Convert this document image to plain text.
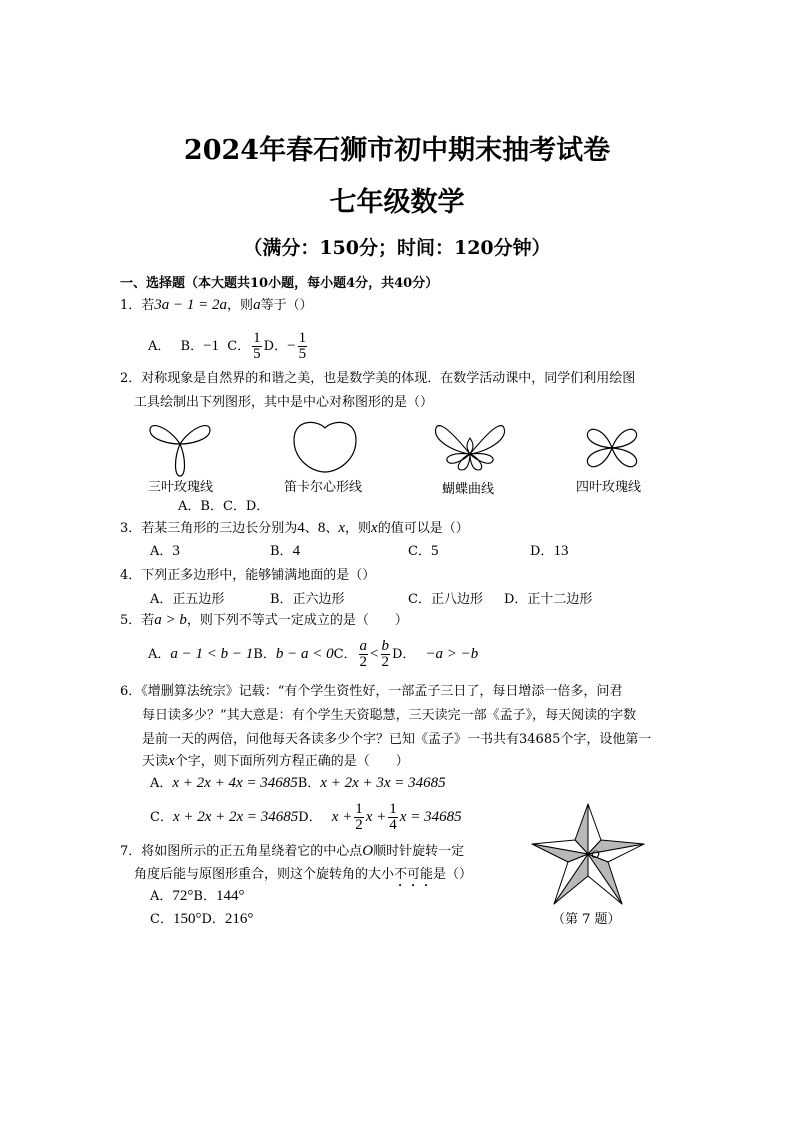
2024年春石狮市初中期末抽考试卷
七年级数学
（满分：150分；时间：120分钟）
一、选择题（本大题共10小题，每小题4分，共40分）
1．若3a − 1 = 2a，则a等于（）
A． B．−1 C． $\frac{1}{5}$ D．− $\frac{1}{5}$
2．对称现象是自然界的和谐之美，也是数学美的体现．在数学活动课中，同学们利用绘图
工具绘制出下列图形，其中是中心对称图形的是（）
三叶玫瑰线	笛卡尔心形线	蝴蝶曲线	四叶玫瑰线
A．B．C．D．
3．若某三角形的三边长分别为4、8、x，则x的值可以是（）
A．3	B．4	C．5	D．13
4．下列正多边形中，能够铺满地面的是（）
A．正五边形	B．正六边形	C．正八边形 D．正十二边形
5．若a > b，则下列不等式一定成立的是（　　）
A．a − 1 < b − 1B．b − a < 0C． $\frac{a}{2} < \frac{b}{2}$ D． −a > −b
6．《增删算法统宗》记载：“有个学生资性好，一部孟子三日了，每日增添一倍多，问君
每日读多少？”其大意是：有个学生天资聪慧，三天读完一部《孟子》，每天阅读的字数
是前一天的两倍，问他每天各读多少个字？已知《孟子》一书共有34685个字，设他第一
天读x个字，则下面所列方程正确的是（　　）
A．x + 2x + 4x = 34685B．x + 2x + 3x = 34685
C．x + 2x + 2x = 34685D． $x + \frac{1}{2}$ $x + \frac{1}{4}$ x = 34685
7．将如图所示的正五角星绕着它的中心点O顺时针旋转一定
角度后能与原图形重合，则这个旋转角的大小不可能是（）
A．72°B．144°
C．150°D．216°
O
（第 7 题）
